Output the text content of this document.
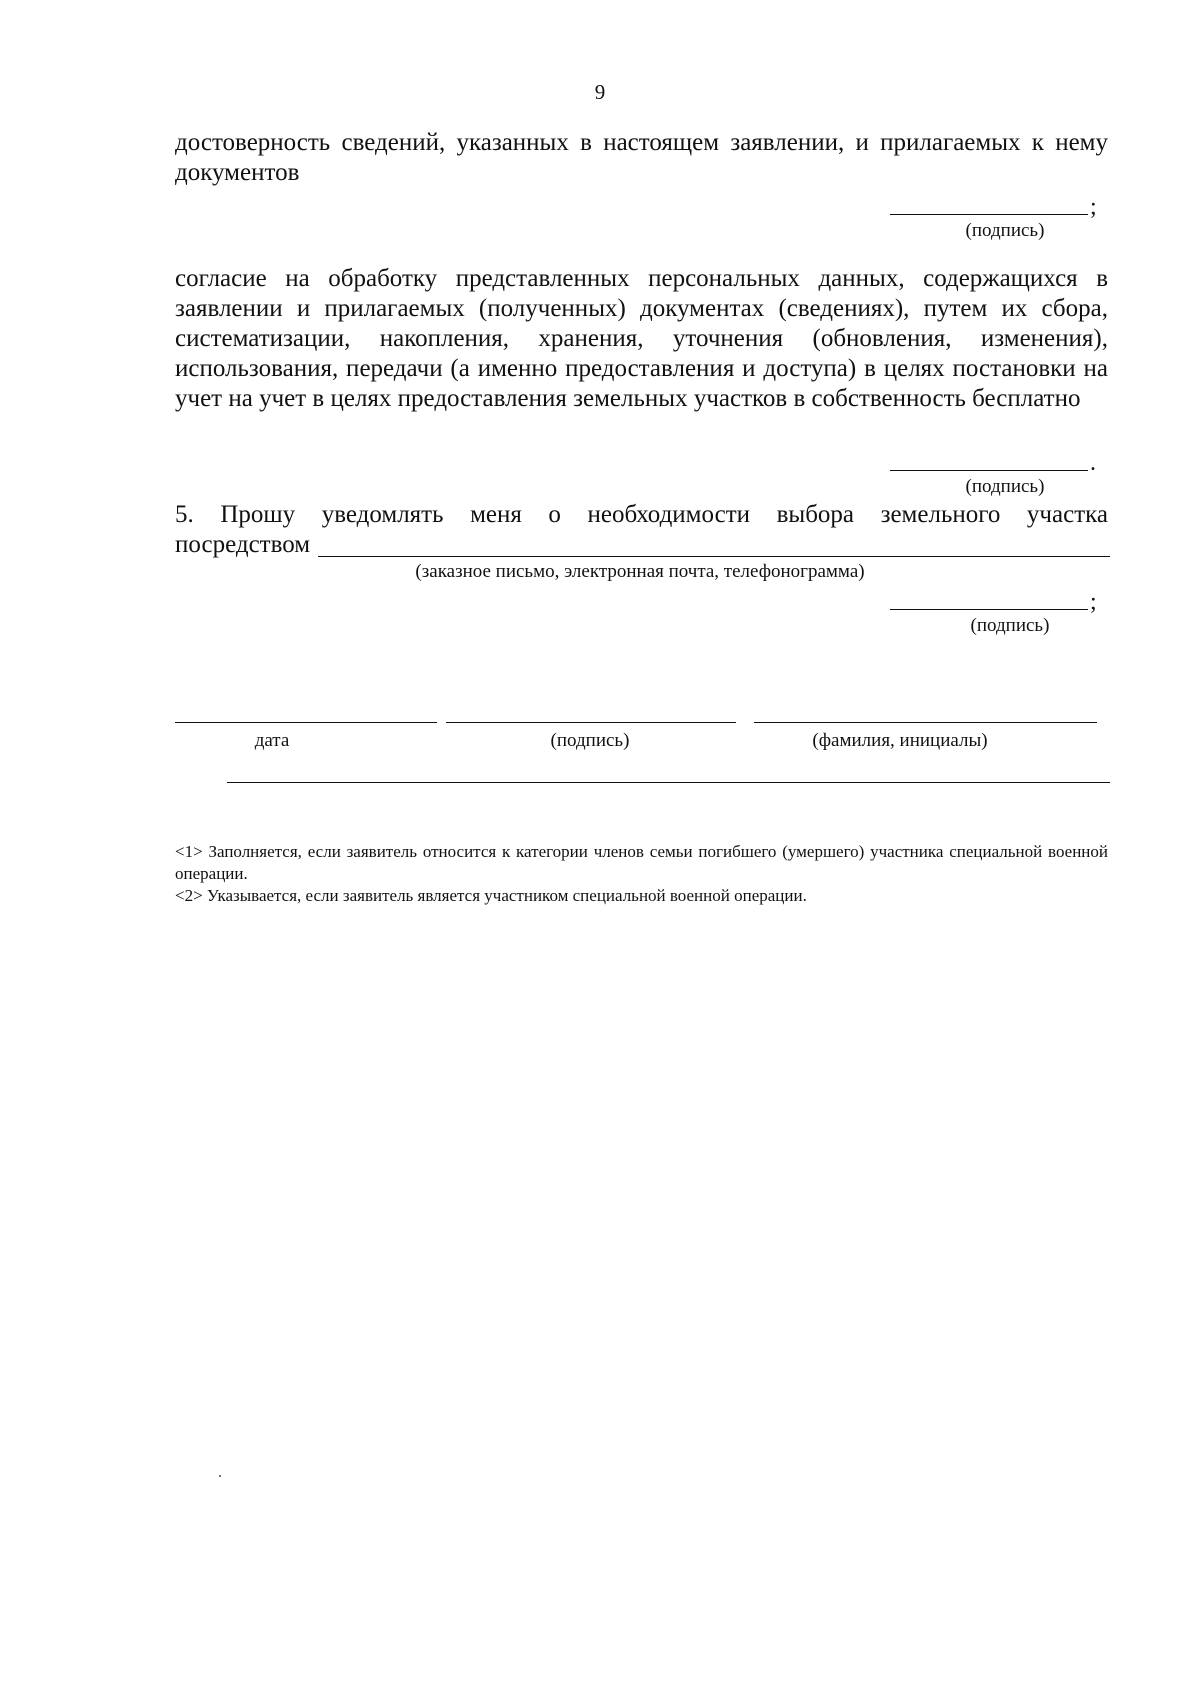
9
достоверность сведений, указанных в настоящем заявлении, и прилагаемых к нему документов
;
(подпись)
согласие на обработку представленных персональных данных, содержащихся в заявлении и прилагаемых (полученных) документах (сведениях), путем их сбора, систематизации, накопления, хранения, уточнения (обновления, изменения), использования, передачи (а именно предоставления и доступа) в целях постановки на учет на учет в целях предоставления земельных участков в собственность бесплатно
.
(подпись)
5. Прошу уведомлять меня о необходимости выбора земельного участка
посредством
(заказное письмо, электронная почта, телефонограмма)
;
(подпись)
дата	(подпись)	(фамилия, инициалы)
<1> Заполняется, если заявитель относится к категории членов семьи погибшего (умершего) участника специальной военной операции.
<2> Указывается, если заявитель является участником специальной военной операции.
